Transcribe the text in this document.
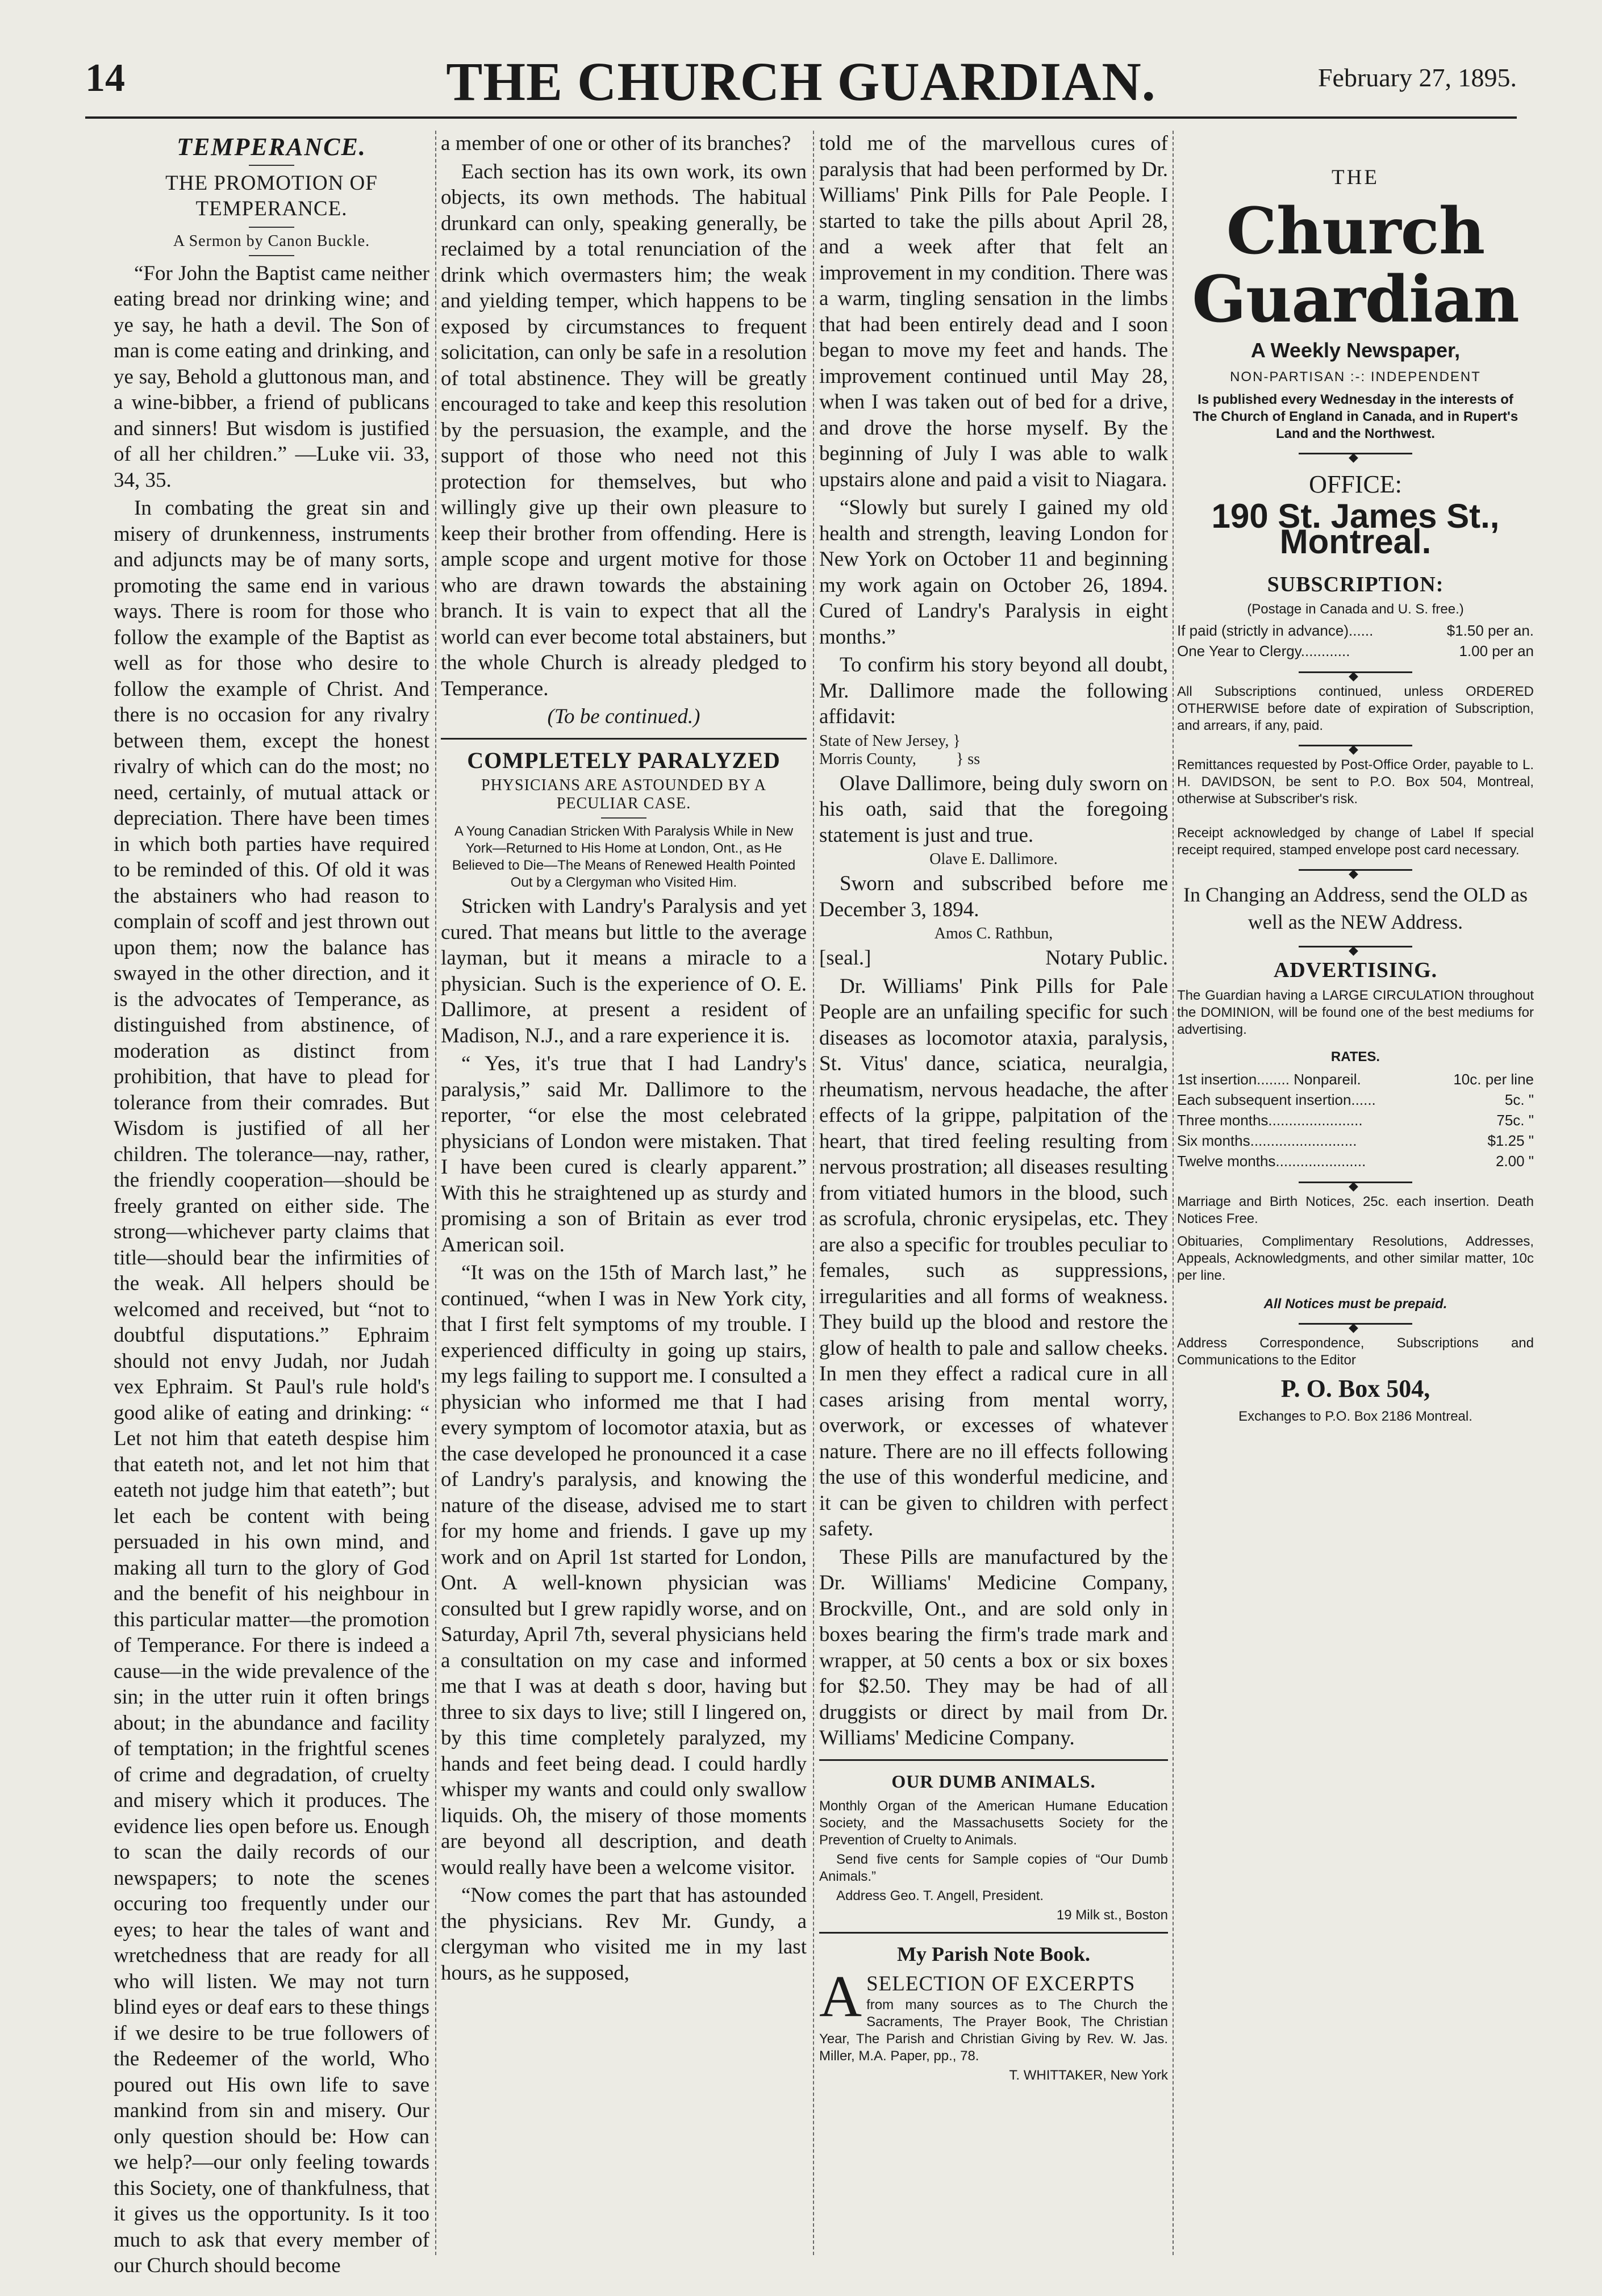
14	THE CHURCH GUARDIAN.	February 27, 1895.
TEMPERANCE.
THE PROMOTION OF TEMPERANCE.
A Sermon by Canon Buckle.

“For John the Baptist came neither eating bread nor drinking wine; and ye say, he hath a devil. The Son of man is come eating and drinking, and ye say, Behold a gluttonous man, and a wine-bibber, a friend of publicans and sinners! But wisdom is justified of all her children.” —Luke vii. 33, 34, 35.

In combating the great sin and misery of drunkenness, instruments and adjuncts may be of many sorts, promoting the same end in various ways. There is room for those who follow the example of the Baptist as well as for those who desire to follow the example of Christ. And there is no occasion for any rivalry between them, except the honest rivalry of which can do the most; no need, certainly, of mutual attack or depreciation. There have been times in which both parties have required to be reminded of this. Of old it was the abstainers who had reason to complain of scoff and jest thrown out upon them; now the balance has swayed in the other direction, and it is the advocates of Temperance, as distinguished from abstinence, of moderation as distinct from prohibition, that have to plead for tolerance from their comrades. But Wisdom is justified of all her children. The tolerance—nay, rather, the friendly cooperation—should be freely granted on either side. The strong—whichever party claims that title—should bear the infirmities of the weak. All helpers should be welcomed and received, but “not to doubtful disputations.” Ephraim should not envy Judah, nor Judah vex Ephraim. St Paul's rule hold's good alike of eating and drinking: “ Let not him that eateth despise him that eateth not, and let not him that eateth not judge him that eateth”; but let each be content with being persuaded in his own mind, and making all turn to the glory of God and the benefit of his neighbour in this particular matter—the promotion of Temperance. For there is indeed a cause—in the wide prevalence of the sin; in the utter ruin it often brings about; in the abundance and facility of temptation; in the frightful scenes of crime and degradation, of cruelty and misery which it produces. The evidence lies open before us. Enough to scan the daily records of our newspapers; to note the scenes occuring too frequently under our eyes; to hear the tales of want and wretchedness that are ready for all who will listen. We may not turn blind eyes or deaf ears to these things if we desire to be true followers of the Redeemer of the world, Who poured out His own life to save mankind from sin and misery. Our only question should be: How can we help?—our only feeling towards this Society, one of thankfulness, that it gives us the opportunity. Is it too much to ask that every member of our Church should become

a member of one or other of its branches?

Each section has its own work, its own objects, its own methods. The habitual drunkard can only, speaking generally, be reclaimed by a total renunciation of the drink which overmasters him; the weak and yielding temper, which happens to be exposed by circumstances to frequent solicitation, can only be safe in a resolution of total abstinence. They will be greatly encouraged to take and keep this resolution by the persuasion, the example, and the support of those who need not this protection for themselves, but who willingly give up their own pleasure to keep their brother from offending. Here is ample scope and urgent motive for those who are drawn towards the abstaining branch. It is vain to expect that all the world can ever become total abstainers, but the whole Church is already pledged to Temperance.

(To be continued.)

COMPLETELY PARALYZED
PHYSICIANS ARE ASTOUNDED BY A PECULIAR CASE.

A Young Canadian Stricken With Paralysis While in New York—Returned to His Home at London, Ont., as He Believed to Die—The Means of Renewed Health Pointed Out by a Clergyman who Visited Him.

Stricken with Landry's Paralysis and yet cured. That means but little to the average layman, but it means a miracle to a physician. Such is the experience of O. E. Dallimore, at present a resident of Madison, N.J., and a rare experience it is.

“ Yes, it's true that I had Landry's paralysis,” said Mr. Dallimore to the reporter, “or else the most celebrated physicians of London were mistaken. That I have been cured is clearly apparent.” With this he straightened up as sturdy and promising a son of Britain as ever trod American soil.

“It was on the 15th of March last,” he continued, “when I was in New York city, that I first felt symptoms of my trouble. I experienced difficulty in going up stairs, my legs failing to support me. I consulted a physician who informed me that I had every symptom of locomotor ataxia, but as the case developed he pronounced it a case of Landry's paralysis, and knowing the nature of the disease, advised me to start for my home and friends. I gave up my work and on April 1st started for London, Ont. A well-known physician was consulted but I grew rapidly worse, and on Saturday, April 7th, several physicians held a consultation on my case and informed me that I was at death s door, having but three to six days to live; still I lingered on, by this time completely paralyzed, my hands and feet being dead. I could hardly whisper my wants and could only swallow liquids. Oh, the misery of those moments are beyond all description, and death would really have been a welcome visitor.

“Now comes the part that has astounded the physicians. Rev Mr. Gundy, a clergyman who visited me in my last hours, as he supposed,

told me of the marvellous cures of paralysis that had been performed by Dr. Williams' Pink Pills for Pale People. I started to take the pills about April 28, and a week after that felt an improvement in my condition. There was a warm, tingling sensation in the limbs that had been entirely dead and I soon began to move my feet and hands. The improvement continued until May 28, when I was taken out of bed for a drive, and drove the horse myself. By the beginning of July I was able to walk upstairs alone and paid a visit to Niagara.

“Slowly but surely I gained my old health and strength, leaving London for New York on October 11 and beginning my work again on October 26, 1894. Cured of Landry's Paralysis in eight months.”

To confirm his story beyond all doubt, Mr. Dallimore made the following affidavit:

State of New Jersey, }

Morris County,          } ss

Olave Dallimore, being duly sworn on his oath, said that the foregoing statement is just and true.

Olave E. Dallimore.

Sworn and subscribed before me December 3, 1894.

Amos C. Rathbun,

[seal.]	Notary Public.

Dr. Williams' Pink Pills for Pale People are an unfailing specific for such diseases as locomotor ataxia, paralysis, St. Vitus' dance, sciatica, neuralgia, rheumatism, nervous headache, the after effects of la grippe, palpitation of the heart, that tired feeling resulting from nervous prostration; all diseases resulting from vitiated humors in the blood, such as scrofula, chronic erysipelas, etc. They are also a specific for troubles peculiar to females, such as suppressions, irregularities and all forms of weakness. They build up the blood and restore the glow of health to pale and sallow cheeks. In men they effect a radical cure in all cases arising from mental worry, overwork, or excesses of whatever nature. There are no ill effects following the use of this wonderful medicine, and it can be given to children with perfect safety.

These Pills are manufactured by the Dr. Williams' Medicine Company, Brockville, Ont., and are sold only in boxes bearing the firm's trade mark and wrapper, at 50 cents a box or six boxes for $2.50. They may be had of all druggists or direct by mail from Dr. Williams' Medicine Company.

OUR DUMB ANIMALS.

Monthly Organ of the American Humane Education Society, and the Massachusetts Society for the Prevention of Cruelty to Animals.

Send five cents for Sample copies of “Our Dumb Animals.”

Address Geo. T. Angell, President.

19 Milk st., Boston

My Parish Note Book.
A SELECTION OF EXCERPTS

from many sources as to The Church the Sacraments, The Prayer Book, The Christian Year, The Parish and Christian Giving by Rev. W. Jas. Miller, M.A. Paper, pp., 78.

T. WHITTAKER, New York

THE
Church Guardian
A Weekly Newspaper,
NON-PARTISAN :-: INDEPENDENT

Is published every Wednesday in the interests of The Church of England in Canada, and in Rupert's Land and the Northwest.

◆
OFFICE:
190 St. James St., Montreal.
SUBSCRIPTION:

(Postage in Canada and U. S. free.)

If paid (strictly in advance)......	$1.50 per an.
One Year to Clergy............	1.00 per an
◆

All Subscriptions continued, unless ORDERED OTHERWISE before date of expiration of Subscription, and arrears, if any, paid.

◆

Remittances requested by Post-Office Order, payable to L. H. DAVIDSON, be sent to P.O. Box 504, Montreal, otherwise at Subscriber's risk.

Receipt acknowledged by change of Label If special receipt required, stamped envelope post card necessary.

◆

In Changing an Address, send the OLD as well as the NEW Address.

◆
ADVERTISING.

The Guardian having a LARGE CIRCULATION throughout the DOMINION, will be found one of the best mediums for advertising.

RATES.
1st insertion........ Nonpareil.	10c. per line
Each subsequent insertion......	5c. "
Three months.......................	75c. "
Six months..........................	$1.25 "
Twelve months......................	2.00 "
◆

Marriage and Birth Notices, 25c. each insertion. Death Notices Free.

Obituaries, Complimentary Resolutions, Addresses, Appeals, Acknowledgments, and other similar matter, 10c per line.

All Notices must be prepaid.

◆

Address Correspondence, Subscriptions and Communications to the Editor

P. O. Box 504,

Exchanges to P.O. Box 2186 Montreal.
